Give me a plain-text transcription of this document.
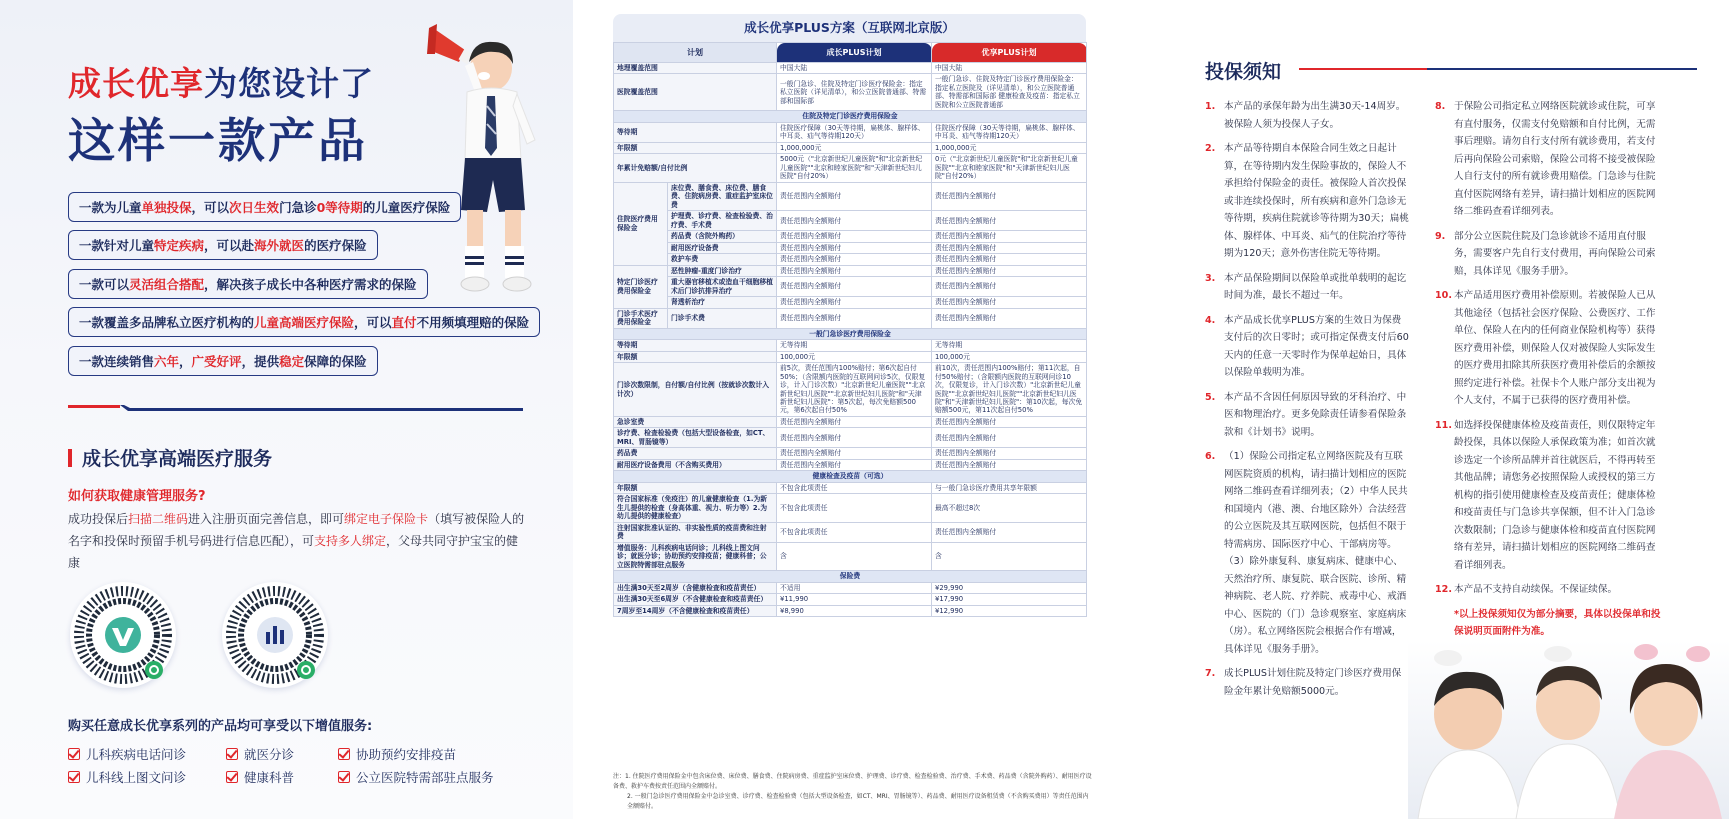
成长优享为您设计了
这样一款产品
一款为儿童 单独投保 ，可以 次日生效 门急诊 0等待期 的儿童医疗保险
一款针对儿童 特定疾病 ，可以赴 海外就医 的医疗保险
一款可以 灵活组合搭配 ，解决孩子成长中各种医疗需求的保险
一款覆盖多品牌私立医疗机构的 儿童高端医疗保险 ，可以 直付 不用频填理赔的保险
一款连续销售 六年 ， 广受好评 ，提供 稳定 保障的保险
成长优享高端医疗服务
如何获取健康管理服务?
成功投保后扫描二维码进入注册页面完善信息，即可绑定电子保险卡（填写被保险人的名字和投保时预留手机号码进行信息匹配），可支持多人绑定，父母共同守护宝宝的健康
购买任意成长优享系列的产品均可享受以下增值服务:
儿科疾病电话问诊	就医分诊	协助预约安排疫苗
儿科线上图文问诊	健康科普	公立医院特需部驻点服务
成长优享PLUS方案（互联网北京版）
计划		成长PLUS计划	优享PLUS计划
地理覆盖范围		中国大陆	中国大陆
医院覆盖范围		一般门急诊、住院及特定门诊医疗保险金：指定私立医院（详见清单），和公立医院普通部、特需部和国际部	一般门急诊、住院及特定门诊医疗费用保险金：指定私立医院及（详见清单），和公立医院普通部、特需部和国际部 健康检查及疫苗：指定私立医院和公立医院普通部
住院及特定门诊医疗费用保险金			
等待期		住院医疗保障（30天等待期，扁桃体、腺样体、中耳炎、疝气等待期120天）	住院医疗保障（30天等待期，扁桃体、腺样体、中耳炎、疝气等待期120天）
年限额		1,000,000元	1,000,000元
年累计免赔额/自付比例		5000元（"北京新世纪儿童医院"和"北京新世纪儿童医院""北京和睦家医院"和"天津新世纪妇儿医院"自付20%）	0元（"北京新世纪儿童医院"和"北京新世纪儿童医院""北京和睦家医院"和"天津新世纪妇儿医院"自付20%）
住院医疗费用保险金	床位费、膳食费、床位费、膳食费、住院病房费、重症监护室床位费	责任范围内全额赔付	责任范围内全额赔付
	护理费、诊疗费、检查检验费、治疗费、手术费	责任范围内全额赔付	责任范围内全额赔付
	药品费（含院外购药）	责任范围内全额赔付	责任范围内全额赔付
	耐用医疗设备费	责任范围内全额赔付	责任范围内全额赔付
	救护车费	责任范围内全额赔付	责任范围内全额赔付
特定门诊医疗费用保险金	恶性肿瘤-重度门诊治疗	责任范围内全额赔付	责任范围内全额赔付
	重大器官移植术或造血干细胞移植术后门诊抗排异治疗	责任范围内全额赔付	责任范围内全额赔付
	肾透析治疗	责任范围内全额赔付	责任范围内全额赔付
门诊手术医疗费用保险金	门诊手术费	责任范围内全额赔付	责任范围内全额赔付
一般门急诊医疗费用保险金			
等待期		无等待期	无等待期
年限额		100,000元	100,000元
门诊次数限制，自付额/自付比例（按就诊次数计入计次）		前5次，责任范围内100%赔付；第6次起自付50%；（含限额内医院的互联网问诊5次，仅限复诊，计入门诊次数）"北京新世纪儿童医院""北京新世纪妇儿医院""北京新世纪妇儿医院"和"天津新世纪妇儿医院"：第5次起，每次免赔额500元，第6次起自付50%	前10次，责任范围内100%赔付；第11次起，自付50%赔付；（含限额内医院的互联网问诊10次，仅限复诊，计入门诊次数）"北京新世纪儿童医院""北京新世纪妇儿医院""北京新世纪妇儿医院"和"天津新世纪妇儿医院"：第10次起，每次免赔额500元，第11次起自付50%
急诊室费		责任范围内全额赔付	责任范围内全额赔付
诊疗费、检查检验费（包括大型设备检查，如CT、MRI、胃肠镜等）		责任范围内全额赔付	责任范围内全额赔付
药品费		责任范围内全额赔付	责任范围内全额赔付
耐用医疗设备费用（不含购买费用）		责任范围内全额赔付	责任范围内全额赔付
健康检查及疫苗（可选）			
年限额		不包含此项责任	与一般门急诊医疗费用共享年限额
符合国家标准（免疫注）的儿童健康检查（1.为新生儿提供的检查（身高体重、视力、听力等）2.为幼儿提供的健康检查）		不包含此项责任	最高不超过8次
注射国家批准认证的、非实验性质的疫苗费和注射费		不包含此项责任	责任范围内全额赔付
增值服务：儿科疾病电话问诊；儿科线上图文问诊；就医分诊；协助预约安排疫苗；健康科普；公立医院特需部驻点服务		含	含
保险费			
出生满30天至2周岁（含健康检查和疫苗责任）		不适用	¥29,990
出生满30天至6周岁（不含健康检查和疫苗责任）		¥11,990	¥17,990
7周岁至14周岁（不含健康检查和疫苗责任）		¥8,990	¥12,990
注：1. 住院医疗费用保险金中包含床位费、床位费、膳食费、住院病房费、重症监护室床位费、护理费、诊疗费、检查检验费、治疗费、手术费、药品费（含院外购药）、耐用医疗设备费、救护车费按责任范围内全额赔付。
2. 一般门急诊医疗费用保险金中急诊室费、诊疗费、检查检验费（包括大型设备检查，如CT、MRI、胃肠镜等）、药品费、耐用医疗设备租赁费（不含购买费用）等责任范围内全额赔付。
投保须知
1. 本产品的承保年龄为出生满30天-14周岁。被保险人须为投保人子女。
2. 本产品等待期自本保险合同生效之日起计算，在等待期内发生保险事故的，保险人不承担给付保险金的责任。被保险人首次投保或非连续投保时，所有疾病和意外门急诊无等待期，疾病住院就诊等待期为30天；扁桃体、腺样体、中耳炎、疝气的住院治疗等待期为120天；意外伤害住院无等待期。
3. 本产品保险期间以保险单或批单载明的起讫时间为准，最长不超过一年。
4. 本产品成长优享PLUS方案的生效日为保费支付后的次日零时；或可指定保费支付后60天内的任意一天零时作为保单起始日，具体以保险单载明为准。
5. 本产品不含因任何原因导致的牙科治疗、中医和物理治疗。更多免除责任请参看保险条款和《计划书》说明。
6. （1）保险公司指定私立网络医院及有互联网医院资质的机构，请扫描计划相应的医院网络二维码查看详细列表；（2）中华人民共和国境内（港、澳、台地区除外）合法经营的公立医院及其互联网医院，包括但不限于特需病房、国际医疗中心、干部病房等。（3）除外康复科、康复病床、健康中心、天然治疗所、康复院、联合医院、诊所、精神病院、老人院、疗养院、戒毒中心、戒酒中心、医院的（门）急诊观察室、家庭病床（房）。私立网络医院会根据合作有增减，具体详见《服务手册》。
7. 成长PLUS计划住院及特定门诊医疗费用保险金年累计免赔额5000元。
8. 于保险公司指定私立网络医院就诊或住院，可享有直付服务，仅需支付免赔额和自付比例，无需事后理赔。请勿自行支付所有就诊费用，若支付后再向保险公司索赔，保险公司将不接受被保险人自行支付的所有就诊费用赔偿。门急诊与住院直付医院网络有差异，请扫描计划相应的医院网络二维码查看详细列表。
9. 部分公立医院住院及门急诊就诊不适用直付服务，需要客户先自行支付费用，再向保险公司索赔，具体详见《服务手册》。
10. 本产品适用医疗费用补偿原则。若被保险人已从其他途径（包括社会医疗保险、公费医疗、工作单位、保险人在内的任何商业保险机构等）获得医疗费用补偿，则保险人仅对被保险人实际发生的医疗费用扣除其所获医疗费用补偿后的余额按照约定进行补偿。社保卡个人账户部分支出视为个人支付，不属于已获得的医疗费用补偿。
11. 如选择投保健康体检及疫苗责任，则仅限特定年龄投保，具体以保险人承保政策为准；如首次就诊选定一个诊所品牌并首往就医后，不得再转至其他品牌；请您务必按照保险人或授权的第三方机构的指引使用健康检查及疫苗责任；健康体检和疫苗责任与门急诊共享保额，但不计入门急诊次数限制；门急诊与健康体检和疫苗直付医院网络有差异，请扫描计划相应的医院网络二维码查看详细列表。
12. 本产品不支持自动续保。不保证续保。
*以上投保须知仅为部分摘要，具体以投保单和投保说明页面附件为准。
